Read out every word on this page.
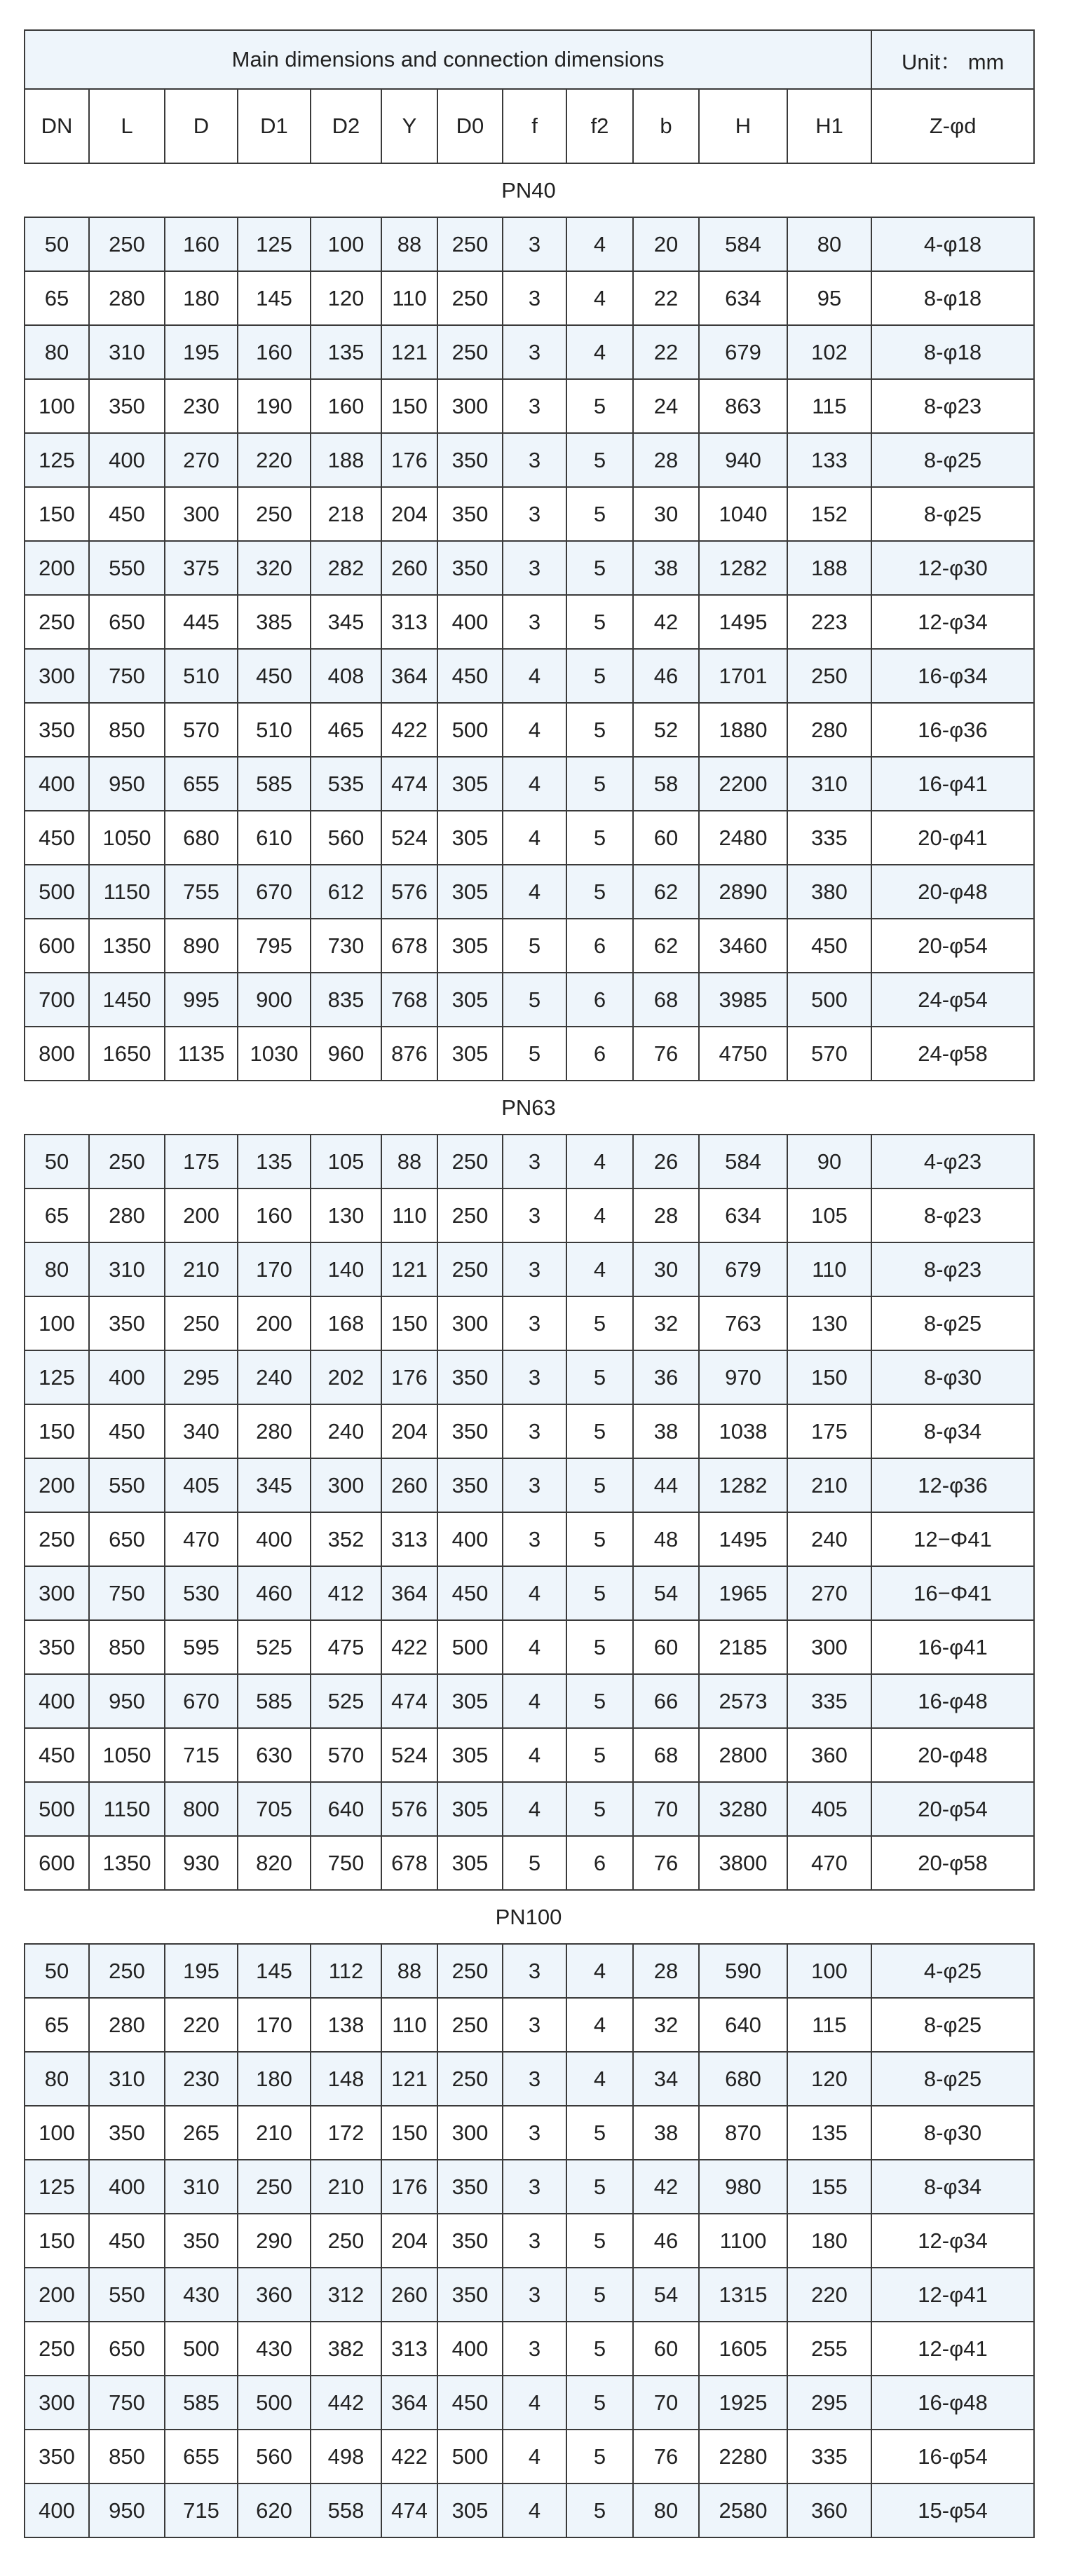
Main dimensions and connection dimensions												Unit： mm
DN	L	D	D1	D2	Y	D0	f	f2	b	H	H1	Z-φd
PN40
50	250	160	125	100	88	250	3	4	20	584	80	4-φ18
65	280	180	145	120	110	250	3	4	22	634	95	8-φ18
80	310	195	160	135	121	250	3	4	22	679	102	8-φ18
100	350	230	190	160	150	300	3	5	24	863	115	8-φ23
125	400	270	220	188	176	350	3	5	28	940	133	8-φ25
150	450	300	250	218	204	350	3	5	30	1040	152	8-φ25
200	550	375	320	282	260	350	3	5	38	1282	188	12-φ30
250	650	445	385	345	313	400	3	5	42	1495	223	12-φ34
300	750	510	450	408	364	450	4	5	46	1701	250	16-φ34
350	850	570	510	465	422	500	4	5	52	1880	280	16-φ36
400	950	655	585	535	474	305	4	5	58	2200	310	16-φ41
450	1050	680	610	560	524	305	4	5	60	2480	335	20-φ41
500	1150	755	670	612	576	305	4	5	62	2890	380	20-φ48
600	1350	890	795	730	678	305	5	6	62	3460	450	20-φ54
700	1450	995	900	835	768	305	5	6	68	3985	500	24-φ54
800	1650	1135	1030	960	876	305	5	6	76	4750	570	24-φ58
PN63
50	250	175	135	105	88	250	3	4	26	584	90	4-φ23
65	280	200	160	130	110	250	3	4	28	634	105	8-φ23
80	310	210	170	140	121	250	3	4	30	679	110	8-φ23
100	350	250	200	168	150	300	3	5	32	763	130	8-φ25
125	400	295	240	202	176	350	3	5	36	970	150	8-φ30
150	450	340	280	240	204	350	3	5	38	1038	175	8-φ34
200	550	405	345	300	260	350	3	5	44	1282	210	12-φ36
250	650	470	400	352	313	400	3	5	48	1495	240	12−Φ41
300	750	530	460	412	364	450	4	5	54	1965	270	16−Φ41
350	850	595	525	475	422	500	4	5	60	2185	300	16-φ41
400	950	670	585	525	474	305	4	5	66	2573	335	16-φ48
450	1050	715	630	570	524	305	4	5	68	2800	360	20-φ48
500	1150	800	705	640	576	305	4	5	70	3280	405	20-φ54
600	1350	930	820	750	678	305	5	6	76	3800	470	20-φ58
PN100
50	250	195	145	112	88	250	3	4	28	590	100	4-φ25
65	280	220	170	138	110	250	3	4	32	640	115	8-φ25
80	310	230	180	148	121	250	3	4	34	680	120	8-φ25
100	350	265	210	172	150	300	3	5	38	870	135	8-φ30
125	400	310	250	210	176	350	3	5	42	980	155	8-φ34
150	450	350	290	250	204	350	3	5	46	1100	180	12-φ34
200	550	430	360	312	260	350	3	5	54	1315	220	12-φ41
250	650	500	430	382	313	400	3	5	60	1605	255	12-φ41
300	750	585	500	442	364	450	4	5	70	1925	295	16-φ48
350	850	655	560	498	422	500	4	5	76	2280	335	16-φ54
400	950	715	620	558	474	305	4	5	80	2580	360	15-φ54
